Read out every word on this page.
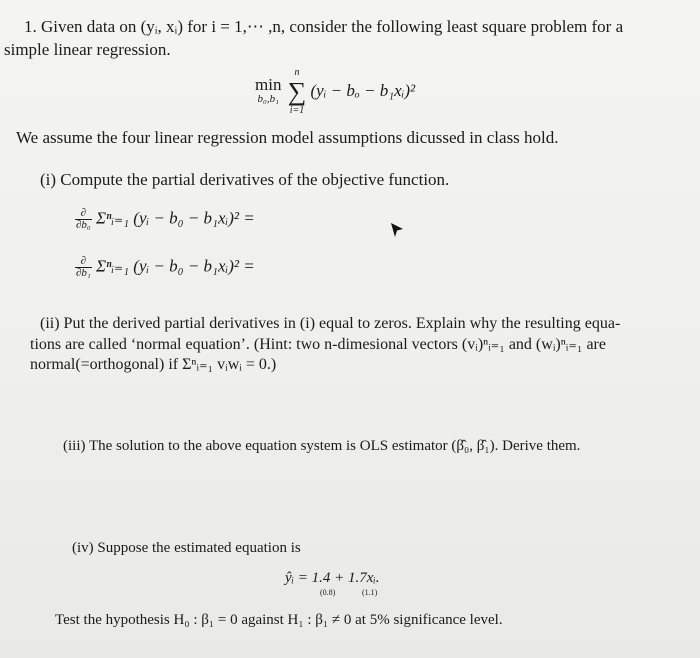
1. Given data on (yᵢ, xᵢ) for i = 1,⋯ ,n, consider the following least square problem for a
simple linear regression.
min
b₀,b₁

n
∑
i=1
(yᵢ − bₒ − b₁xᵢ)²
We assume the four linear regression model assumptions dicussed in class hold.
(i) Compute the partial derivatives of the objective function.
$\frac{\partial}{\text{∂b₀}}$ Σⁿᵢ₌₁ (yᵢ − b₀ − b₁xᵢ)² =
$\frac{\partial}{\text{∂b₁}}$ Σⁿᵢ₌₁ (yᵢ − b₀ − b₁xᵢ)² =
(ii) Put the derived partial derivatives in (i) equal to zeros. Explain why the resulting equa-
tions are called ‘normal equation’. (Hint: two n-dimesional vectors (vᵢ)ⁿᵢ₌₁ and (wᵢ)ⁿᵢ₌₁ are
normal(=orthogonal) if Σⁿᵢ₌₁ vᵢwᵢ = 0.)
(iii) The solution to the above equation system is OLS estimator (β̂₀, β̂₁). Derive them.
(iv) Suppose the estimated equation is
ŷᵢ = 1.4 + 1.7xᵢ.
(0.8)	(1.1)
Test the hypothesis H₀ : β₁ = 0 against H₁ : β₁ ≠ 0 at 5% significance level.
